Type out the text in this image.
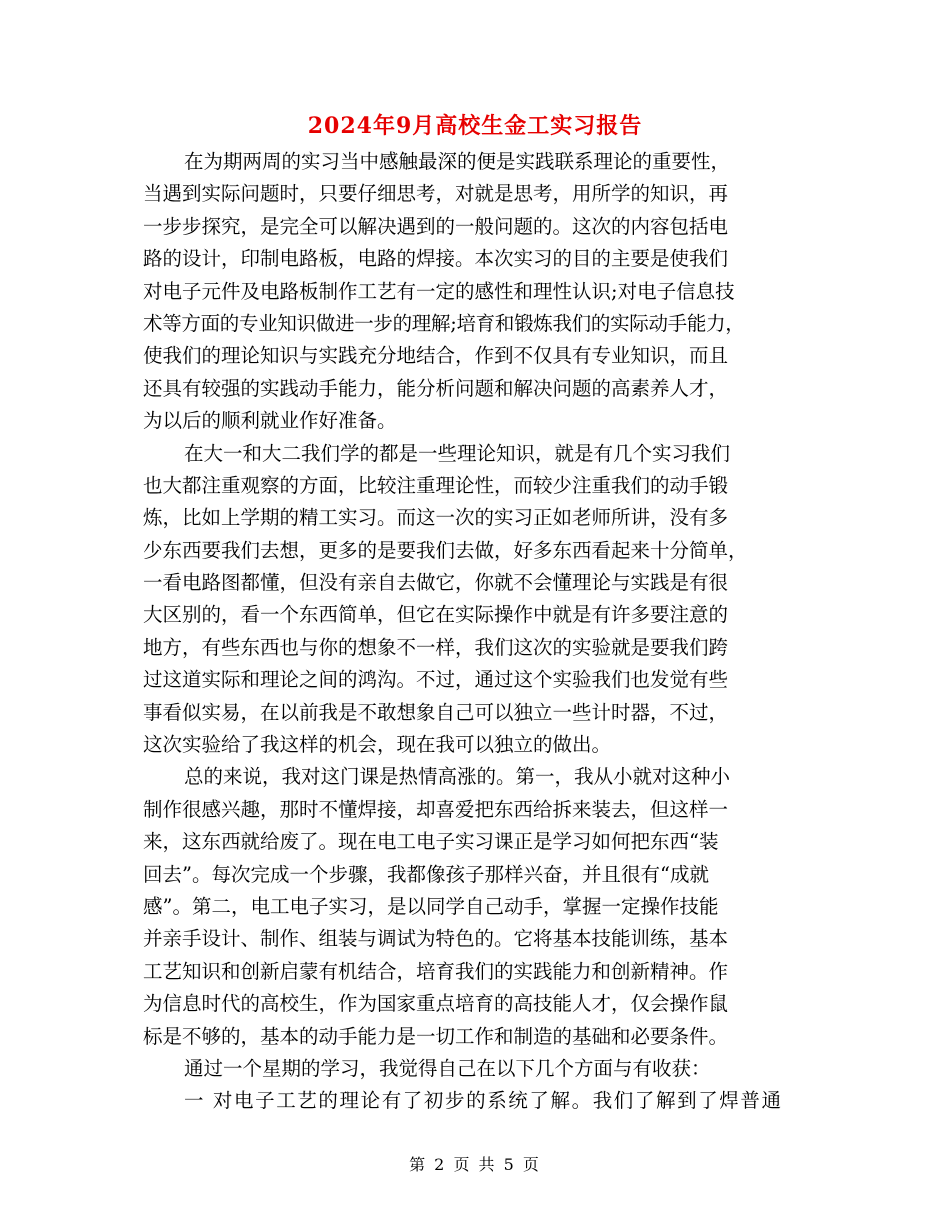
2024年9月高校生金工实习报告
在为期两周的实习当中感触最深的便是实践联系理论的重要性，
当遇到实际问题时，只要仔细思考，对就是思考，用所学的知识，再
一步步探究，是完全可以解决遇到的一般问题的。这次的内容包括电
路的设计，印制电路板，电路的焊接。本次实习的目的主要是使我们
对电子元件及电路板制作工艺有一定的感性和理性认识;对电子信息技
术等方面的专业知识做进一步的理解;培育和锻炼我们的实际动手能力，
使我们的理论知识与实践充分地结合，作到不仅具有专业知识，而且
还具有较强的实践动手能力，能分析问题和解决问题的高素养人才，
为以后的顺利就业作好准备。
在大一和大二我们学的都是一些理论知识，就是有几个实习我们
也大都注重观察的方面，比较注重理论性，而较少注重我们的动手锻
炼，比如上学期的精工实习。而这一次的实习正如老师所讲，没有多
少东西要我们去想，更多的是要我们去做，好多东西看起来十分简单，
一看电路图都懂，但没有亲自去做它，你就不会懂理论与实践是有很
大区别的，看一个东西简单，但它在实际操作中就是有许多要注意的
地方，有些东西也与你的想象不一样，我们这次的实验就是要我们跨
过这道实际和理论之间的鸿沟。不过，通过这个实验我们也发觉有些
事看似实易，在以前我是不敢想象自己可以独立一些计时器，不过，
这次实验给了我这样的机会，现在我可以独立的做出。
总的来说，我对这门课是热情高涨的。第一，我从小就对这种小
制作很感兴趣，那时不懂焊接，却喜爱把东西给拆来装去，但这样一
来，这东西就给废了。现在电工电子实习课正是学习如何把东西“装
回去”。每次完成一个步骤，我都像孩子那样兴奋，并且很有“成就
感”。第二，电工电子实习，是以同学自己动手，掌握一定操作技能
并亲手设计、制作、组装与调试为特色的。它将基本技能训练，基本
工艺知识和创新启蒙有机结合，培育我们的实践能力和创新精神。作
为信息时代的高校生，作为国家重点培育的高技能人才，仅会操作鼠
标是不够的，基本的动手能力是一切工作和制造的基础和必要条件。
通过一个星期的学习，我觉得自己在以下几个方面与有收获：
一 对电子工艺的理论有了初步的系统了解。我们了解到了焊普通
第 2 页 共 5 页
